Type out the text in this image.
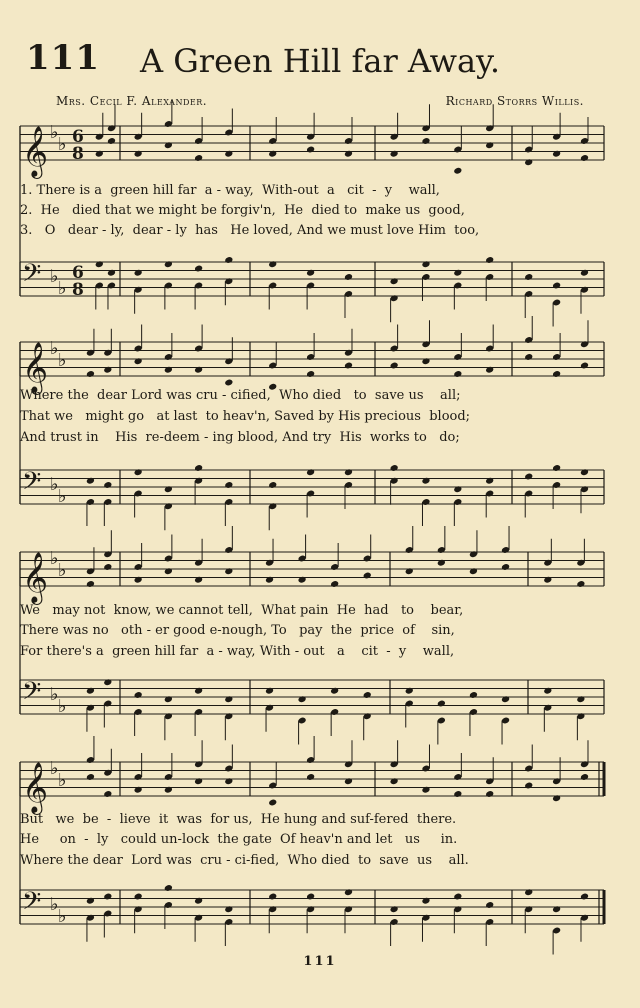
111	A Green Hill far Away.
Mrs. Cecil F. Alexander.	Richard Storrs Willis.
𝄞 ♭
♭ 6
8
𝄢 ♭
♭
6
8
𝄞 ♭
♭
𝄢 ♭
♭
𝄞 ♭
♭
𝄢 ♭
♭
𝄞 ♭
♭
𝄢 ♭
♭
1. There is a  green hill far  a - way,  With-out  a   cit  -  y    wall,
2.  He   died that we might be forgiv'n,  He  died to  make us  good,
3.   O   dear - ly,  dear - ly  has   He loved, And we must love Him  too,
Where the  dear Lord was cru - cified,  Who died   to  save us    all;
That we   might go   at last  to heav'n, Saved by His precious  blood;
And trust in    His  re-deem - ing blood, And try  His  works to   do;
We   may not  know, we cannot tell,  What pain  He  had   to    bear,
There was no   oth - er good e-nough, To   pay  the  price  of    sin,
For there's a  green hill far  a - way, With - out   a    cit  -  y    wall,
But   we  be  -  lieve  it  was  for us,  He hung and suf-fered  there.
He     on  -  ly   could un-lock  the gate  Of heav'n and let   us     in.
Where the dear  Lord was  cru - ci-fied,  Who died  to  save  us    all.
111
